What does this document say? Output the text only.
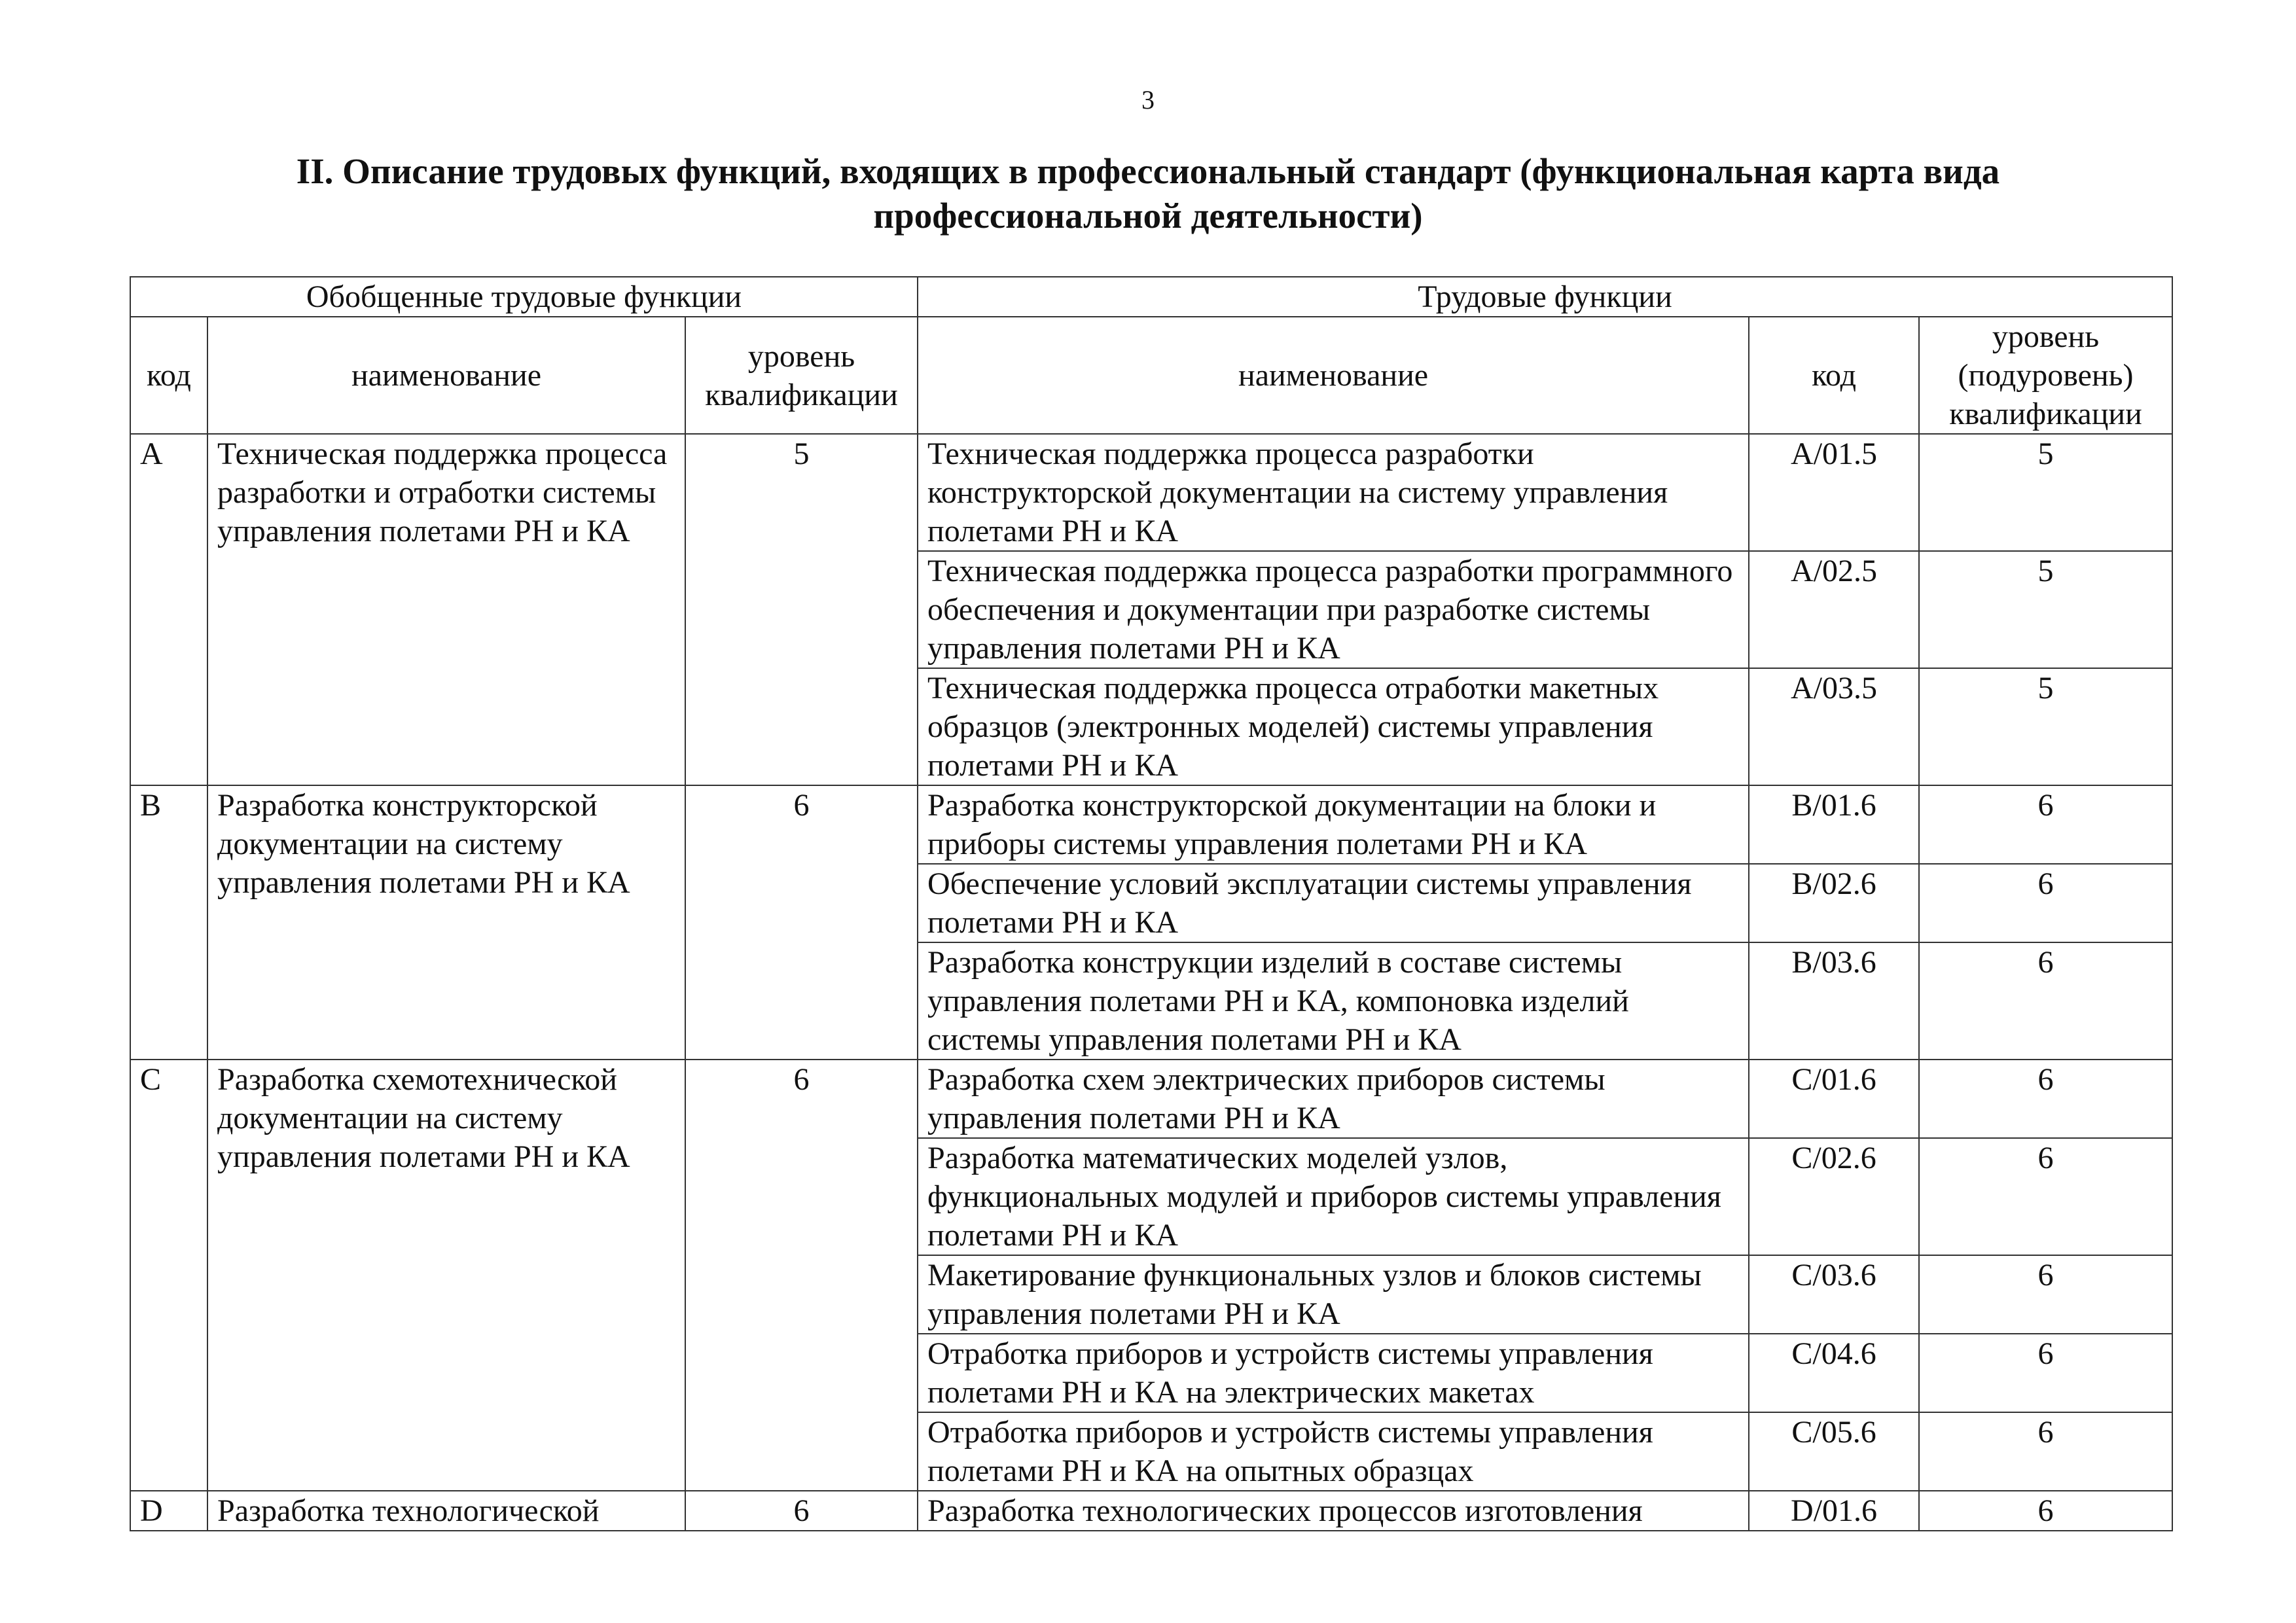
3
II. Описание трудовых функций, входящих в профессиональный стандарт (функциональная карта вида профессиональной деятельности)
Обобщенные трудовые функции			Трудовые функции		
код	наименование	уровень квалификации	наименование	код	уровень (подуровень) квалификации
A	Техническая поддержка процесса разработки и отработки системы управления полетами РН и КА	5	Техническая поддержка процесса разработки конструкторской документации на систему управления полетами РН и КА	A/01.5	5
			Техническая поддержка процесса разработки программного обеспечения и документации при разработке системы управления полетами РН и КА	A/02.5	5
			Техническая поддержка процесса отработки макетных образцов (электронных моделей) системы управления полетами РН и КА	A/03.5	5
B	Разработка конструкторской документации на систему управления полетами РН и КА	6	Разработка конструкторской документации на блоки и приборы системы управления полетами РН и КА	B/01.6	6
			Обеспечение условий эксплуатации системы управления полетами РН и КА	B/02.6	6
			Разработка конструкции изделий в составе системы управления полетами РН и КА, компоновка изделий системы управления полетами РН и КА	B/03.6	6
C	Разработка схемотехнической документации на систему управления полетами РН и КА	6	Разработка схем электрических приборов системы управления полетами РН и КА	C/01.6	6
			Разработка математических моделей узлов, функциональных модулей и приборов системы управления полетами РН и КА	C/02.6	6
			Макетирование функциональных узлов и блоков системы управления полетами РН и КА	C/03.6	6
			Отработка приборов и устройств системы управления полетами РН и КА на электрических макетах	C/04.6	6
			Отработка приборов и устройств системы управления полетами РН и КА на опытных образцах	C/05.6	6
D	Разработка технологической	6	Разработка технологических процессов изготовления	D/01.6	6
